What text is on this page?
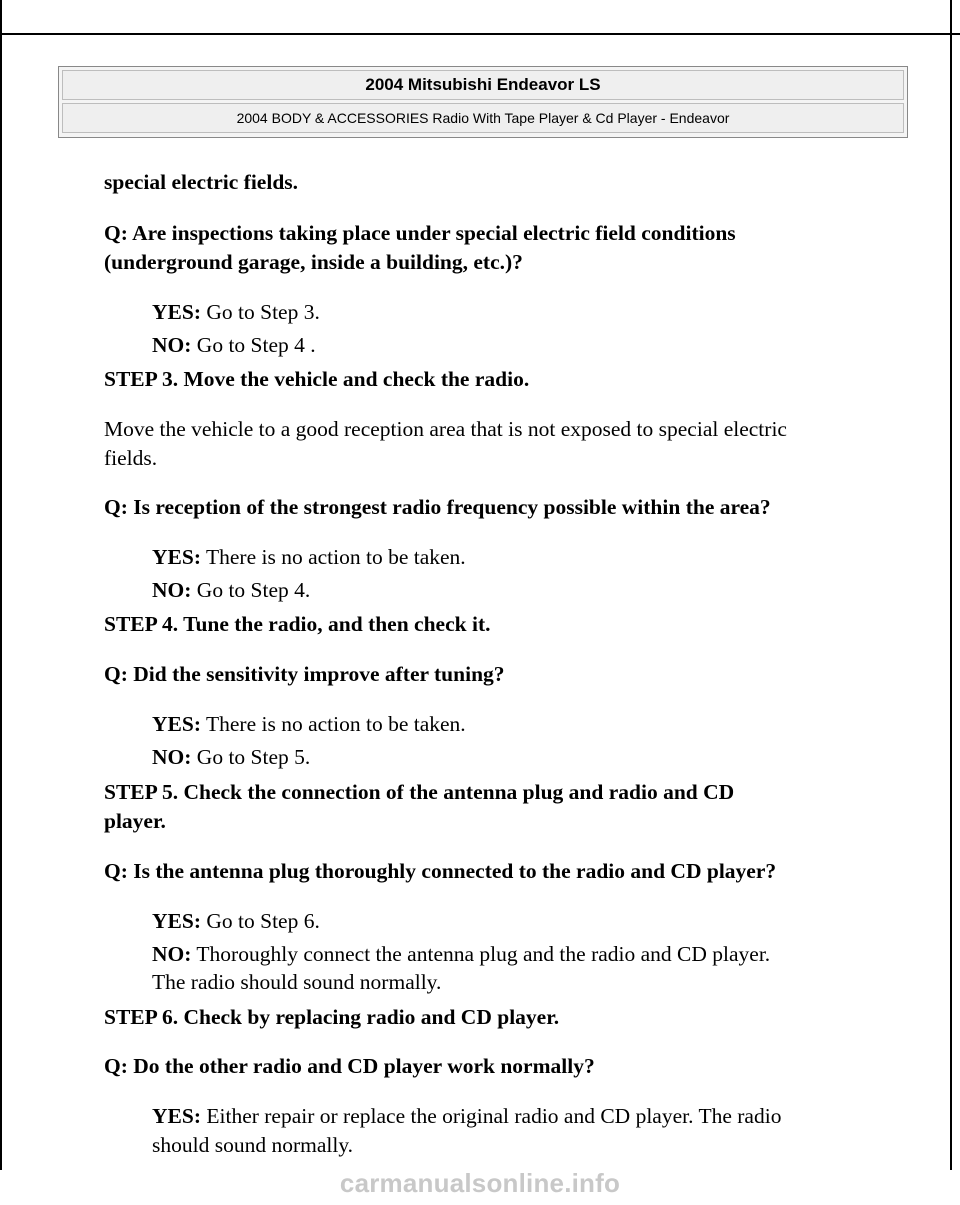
2004 Mitsubishi Endeavor LS
2004 BODY & ACCESSORIES Radio With Tape Player & Cd Player - Endeavor
special electric fields.
Q: Are inspections taking place under special electric field conditions
(underground garage, inside a building, etc.)?
YES: Go to Step 3.
NO: Go to Step 4 .
STEP 3. Move the vehicle and check the radio.
Move the vehicle to a good reception area that is not exposed to special electric
fields.
Q: Is reception of the strongest radio frequency possible within the area?
YES: There is no action to be taken.
NO: Go to Step 4.
STEP 4. Tune the radio, and then check it.
Q: Did the sensitivity improve after tuning?
YES: There is no action to be taken.
NO: Go to Step 5.
STEP 5. Check the connection of the antenna plug and radio and CD
player.
Q: Is the antenna plug thoroughly connected to the radio and CD player?
YES: Go to Step 6.
NO: Thoroughly connect the antenna plug and the radio and CD player.
The radio should sound normally.
STEP 6. Check by replacing radio and CD player.
Q: Do the other radio and CD player work normally?
YES: Either repair or replace the original radio and CD player. The radio
should sound normally.
carmanualsonline.info
